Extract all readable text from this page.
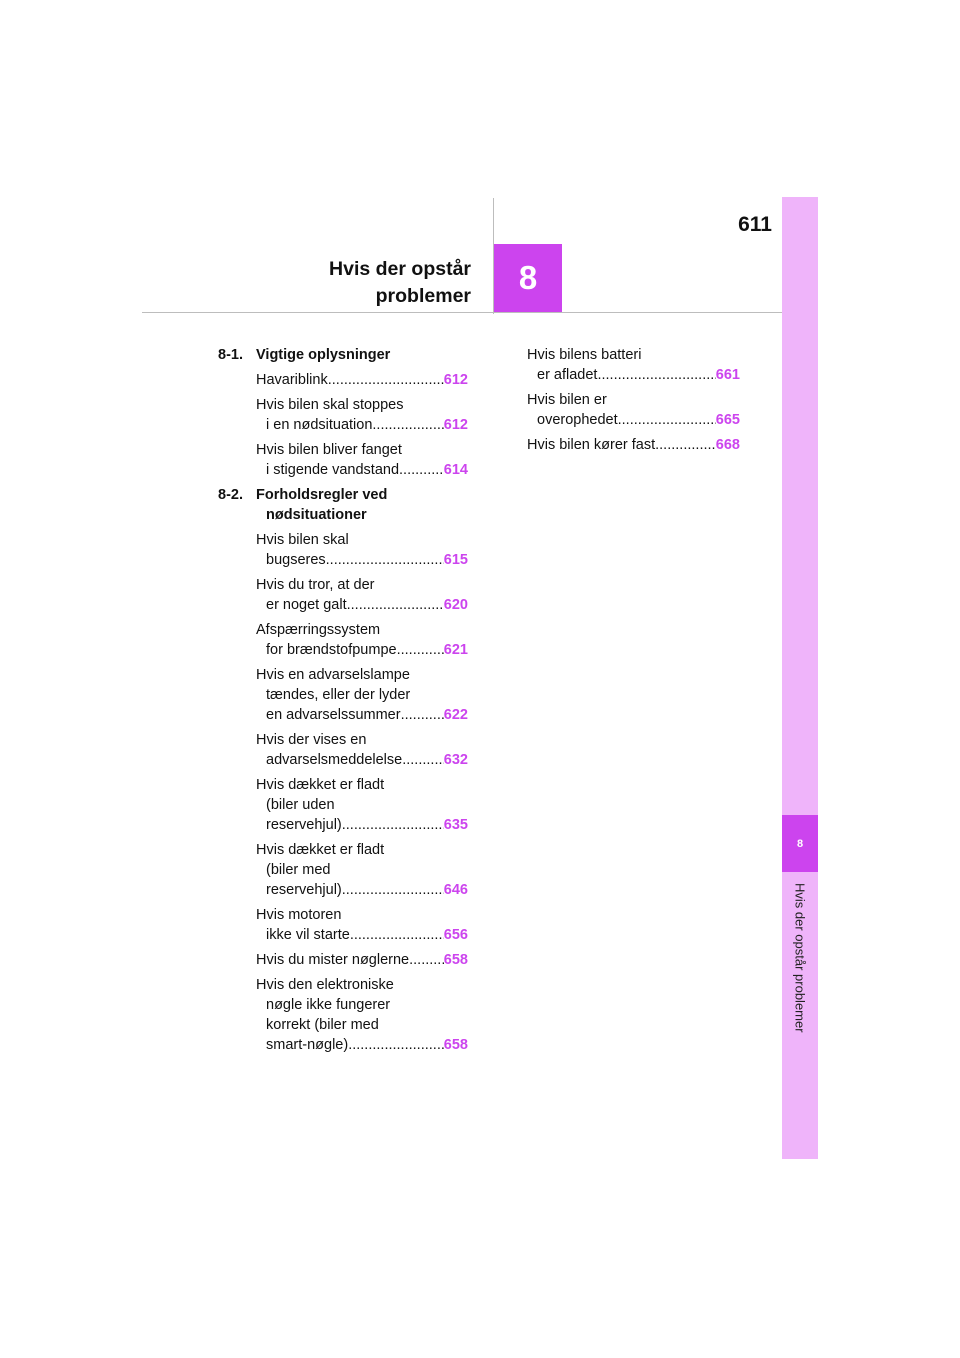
611
Hvis der opstår
problemer	8
8
Hvis der opstår problemer
8-1. Vigtige oplysninger
Havariblink .....	612
Hvis bilen skal stoppes
i en nødsituation .....	612
Hvis bilen bliver fanget
i stigende vandstand .....	614
8-2. Forholdsregler ved
nødsituationer
Hvis bilen skal
bugseres .....	615
Hvis du tror, at der
er noget galt .....	620
Afspærringssystem
for brændstofpumpe .....	621
Hvis en advarselslampe
tændes, eller der lyder
en advarselssummer .....	622
Hvis der vises en
advarselsmeddelelse .....	632
Hvis dækket er fladt
(biler uden
reservehjul) .....	635
Hvis dækket er fladt
(biler med
reservehjul) .....	646
Hvis motoren
ikke vil starte .....	656
Hvis du mister nøglerne ..... 658
Hvis den elektroniske
nøgle ikke fungerer
korrekt (biler med
smart-nøgle) .....	658
Hvis bilens batteri
er afladet .....	661
Hvis bilen er
overophedet .....	665
Hvis bilen kører fast .....	668
